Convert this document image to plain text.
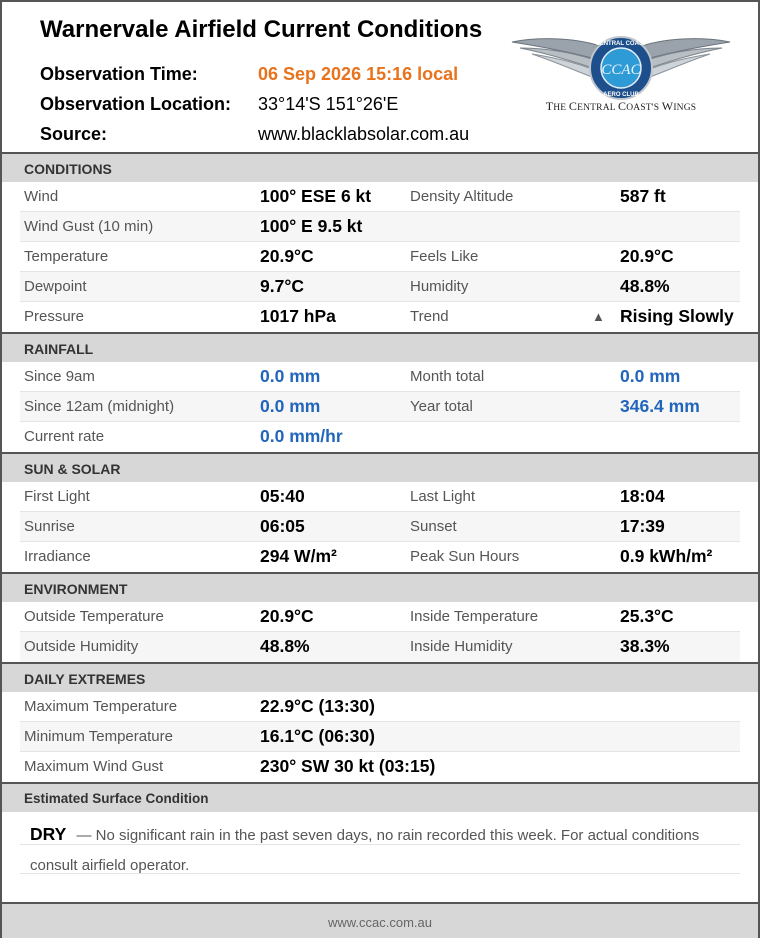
Warnervale Airfield Current Conditions
Observation Time:	06 Sep 2026 15:16 local
Observation Location: 33°14'S 151°26'E
Source:	www.blacklabsolar.com.au
CCAC
CENTRAL COAST
AERO CLUB
THE CENTRAL COAST'S WINGS
CONDITIONS
Wind	100° ESE 6 kt	Density Altitude	587 ft
Wind Gust (10 min)	100° E 9.5 kt
Temperature	20.9°C	Feels Like	20.9°C
Dewpoint	9.7°C	Humidity	48.8%
Pressure	1017 hPa	Trend	▲ Rising Slowly
RAINFALL
Since 9am	0.0 mm	Month total	0.0 mm
Since 12am (midnight)	0.0 mm	Year total	346.4 mm
Current rate	0.0 mm/hr
SUN & SOLAR
First Light	05:40	Last Light	18:04
Sunrise	06:05	Sunset	17:39
Irradiance	294 W/m²	Peak Sun Hours	0.9 kWh/m²
ENVIRONMENT
Outside Temperature	20.9°C	Inside Temperature	25.3°C
Outside Humidity	48.8%	Inside Humidity	38.3%
DAILY EXTREMES
Maximum Temperature	22.9°C (13:30)
Minimum Temperature	16.1°C (06:30)
Maximum Wind Gust	230° SW 30 kt (03:15)
Estimated Surface Condition
DRY — No significant rain in the past seven days, no rain recorded this week. For actual conditions consult airfield operator.
www.ccac.com.au
